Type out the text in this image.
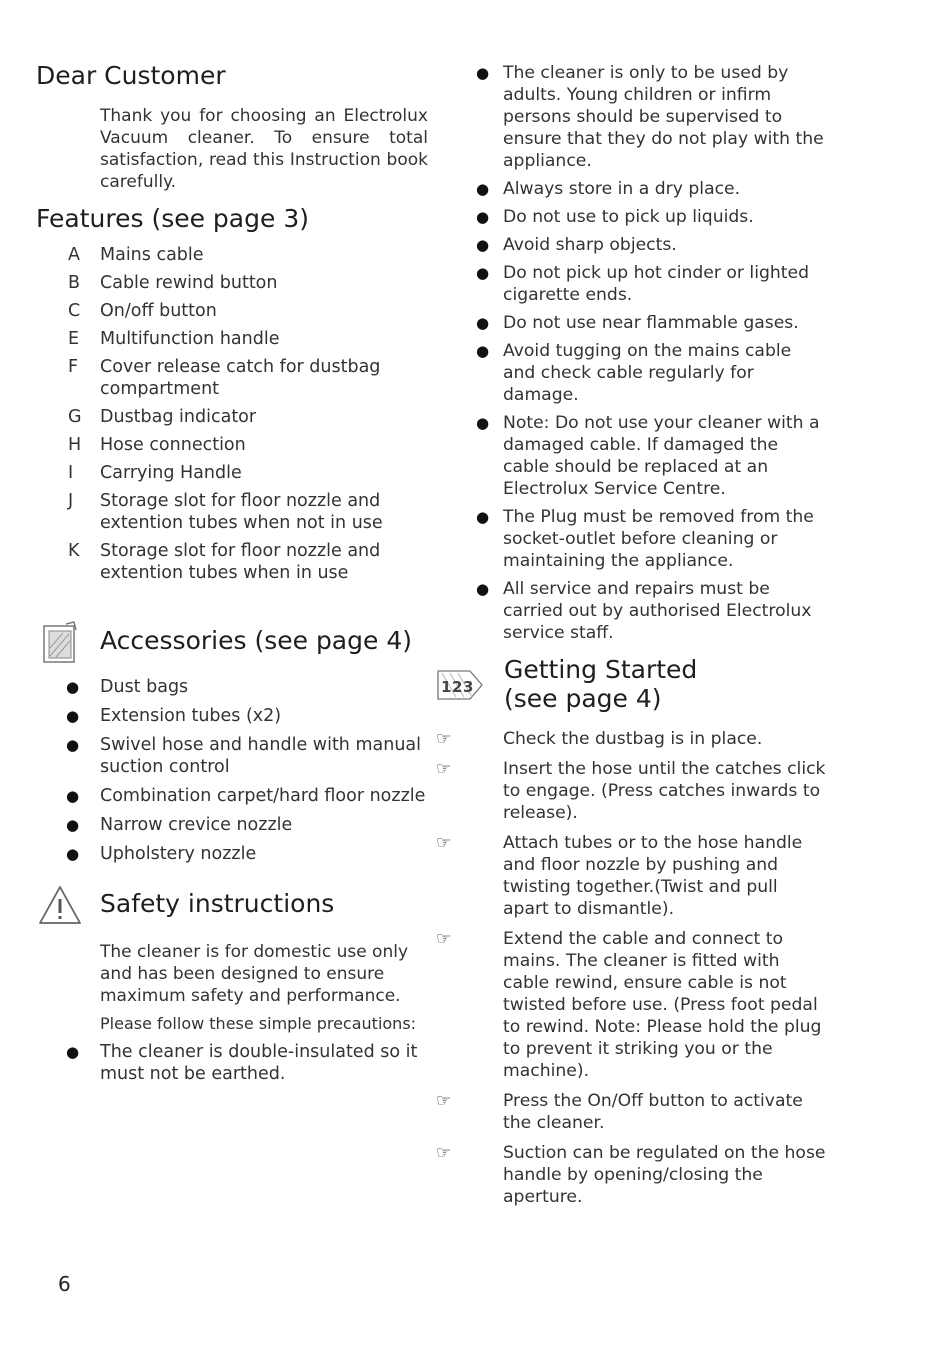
Dear Customer
Thank you for choosing an Electrolux Vacuum cleaner. To ensure total satisfaction, read this Instruction book carefully.
Features (see page 3)
A	Mains cable
B	Cable rewind button
C	On/off button
E	Multifunction handle
F	Cover release catch for dustbag compartment
G	Dustbag indicator
H	Hose connection
I	Carrying Handle
J	Storage slot for floor nozzle and extention tubes when not in use
K	Storage slot for floor nozzle and extention tubes when in use
Accessories (see page 4)
●	Dust bags
●	Extension tubes (x2)
●	Swivel hose and handle with manual suction control
●	Combination carpet/hard floor nozzle
●	Narrow crevice nozzle
●	Upholstery nozzle
Safety instructions
The cleaner is for domestic use only and has been designed to ensure maximum safety and performance.
Please follow these simple precautions:
●	The cleaner is double-insulated so it must not be earthed.
● The cleaner is only to be used by adults. Young children or infirm persons should be supervised to ensure that they do not play with the appliance.
● Always store in a dry place.
● Do not use to pick up liquids.
● Avoid sharp objects.
● Do not pick up hot cinder or lighted cigarette ends.
● Do not use near flammable gases.
● Avoid tugging on the mains cable and check cable regularly for damage.
● Note: Do not use your cleaner with a damaged cable. If damaged the cable should be replaced at an Electrolux Service Centre.
● The Plug must be removed from the socket-outlet before cleaning or maintaining the appliance.
● All service and repairs must be carried out by authorised Electrolux service staff.
1 2 3
Getting Started
(see page 4)
☞	Check the dustbag is in place.
☞	Insert the hose until the catches click to engage. (Press catches inwards to release).
☞	Attach tubes or to the hose handle and floor nozzle by pushing and twisting together.(Twist and pull apart to dismantle).
☞	Extend the cable and connect to mains. The cleaner is fitted with cable rewind, ensure cable is not twisted before use. (Press foot pedal to rewind. Note: Please hold the plug to prevent it striking you or the machine).
☞	Press the On/Off button to activate the cleaner.
☞	Suction can be regulated on the hose handle by opening/closing the aperture.
6
